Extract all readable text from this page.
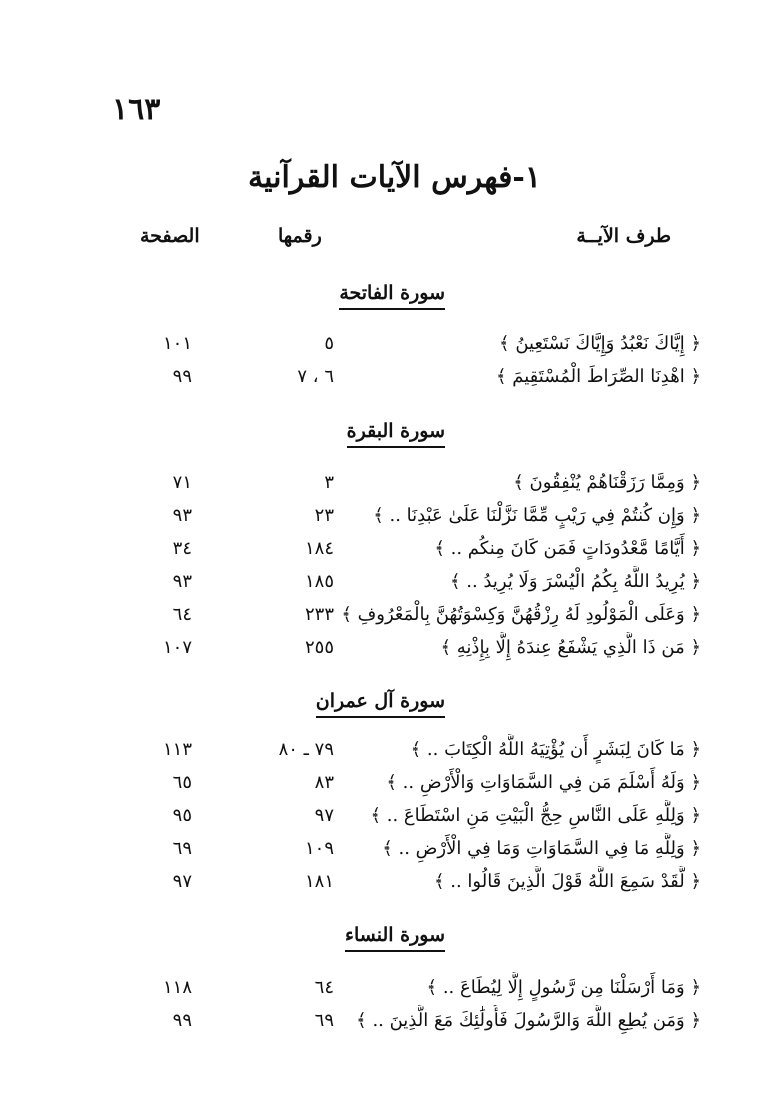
١٦٣
١-فهرس الآيات القرآنية
طرف الآيــة
رقمها
الصفحة
سورة الفاتحة
﴿ إِيَّاكَ نَعْبُدُ وَإِيَّاكَ نَسْتَعِينُ ﴾
٥
١٠١
﴿ اهْدِنَا الصِّرَاطَ الْمُسْتَقِيمَ ﴾
٦ ، ٧
٩٩
سورة البقرة
﴿ وَمِمَّا رَزَقْنَاهُمْ يُنْفِقُونَ ﴾
٣
٧١
﴿ وَإِن كُنتُمْ فِي رَيْبٍ مِّمَّا نَزَّلْنَا عَلَىٰ عَبْدِنَا .. ﴾
٢٣
٩٣
﴿ أَيَّامًا مَّعْدُودَاتٍ فَمَن كَانَ مِنكُم .. ﴾
١٨٤
٣٤
﴿ يُرِيدُ اللَّهُ بِكُمُ الْيُسْرَ وَلَا يُرِيدُ .. ﴾
١٨٥
٩٣
﴿ وَعَلَى الْمَوْلُودِ لَهُ رِزْقُهُنَّ وَكِسْوَتُهُنَّ بِالْمَعْرُوفِ ﴾
٢٣٣
٦٤
﴿ مَن ذَا الَّذِي يَشْفَعُ عِندَهُ إِلَّا بِإِذْنِهِ ﴾
٢٥٥
١٠٧
سورة آل عمران
﴿ مَا كَانَ لِبَشَرٍ أَن يُؤْتِيَهُ اللَّهُ الْكِتَابَ .. ﴾
٧٩ ـ ٨٠
١١٣
﴿ وَلَهُ أَسْلَمَ مَن فِي السَّمَاوَاتِ وَالْأَرْضِ .. ﴾
٨٣
٦٥
﴿ وَلِلَّهِ عَلَى النَّاسِ حِجُّ الْبَيْتِ مَنِ اسْتَطَاعَ .. ﴾
٩٧
٩٥
﴿ وَلِلَّهِ مَا فِي السَّمَاوَاتِ وَمَا فِي الْأَرْضِ .. ﴾
١٠٩
٦٩
﴿ لَّقَدْ سَمِعَ اللَّهُ قَوْلَ الَّذِينَ قَالُوا .. ﴾
١٨١
٩٧
سورة النساء
﴿ وَمَا أَرْسَلْنَا مِن رَّسُولٍ إِلَّا لِيُطَاعَ .. ﴾
٦٤
١١٨
﴿ وَمَن يُطِعِ اللَّهَ وَالرَّسُولَ فَأُولَٰئِكَ مَعَ الَّذِينَ .. ﴾
٦٩
٩٩
